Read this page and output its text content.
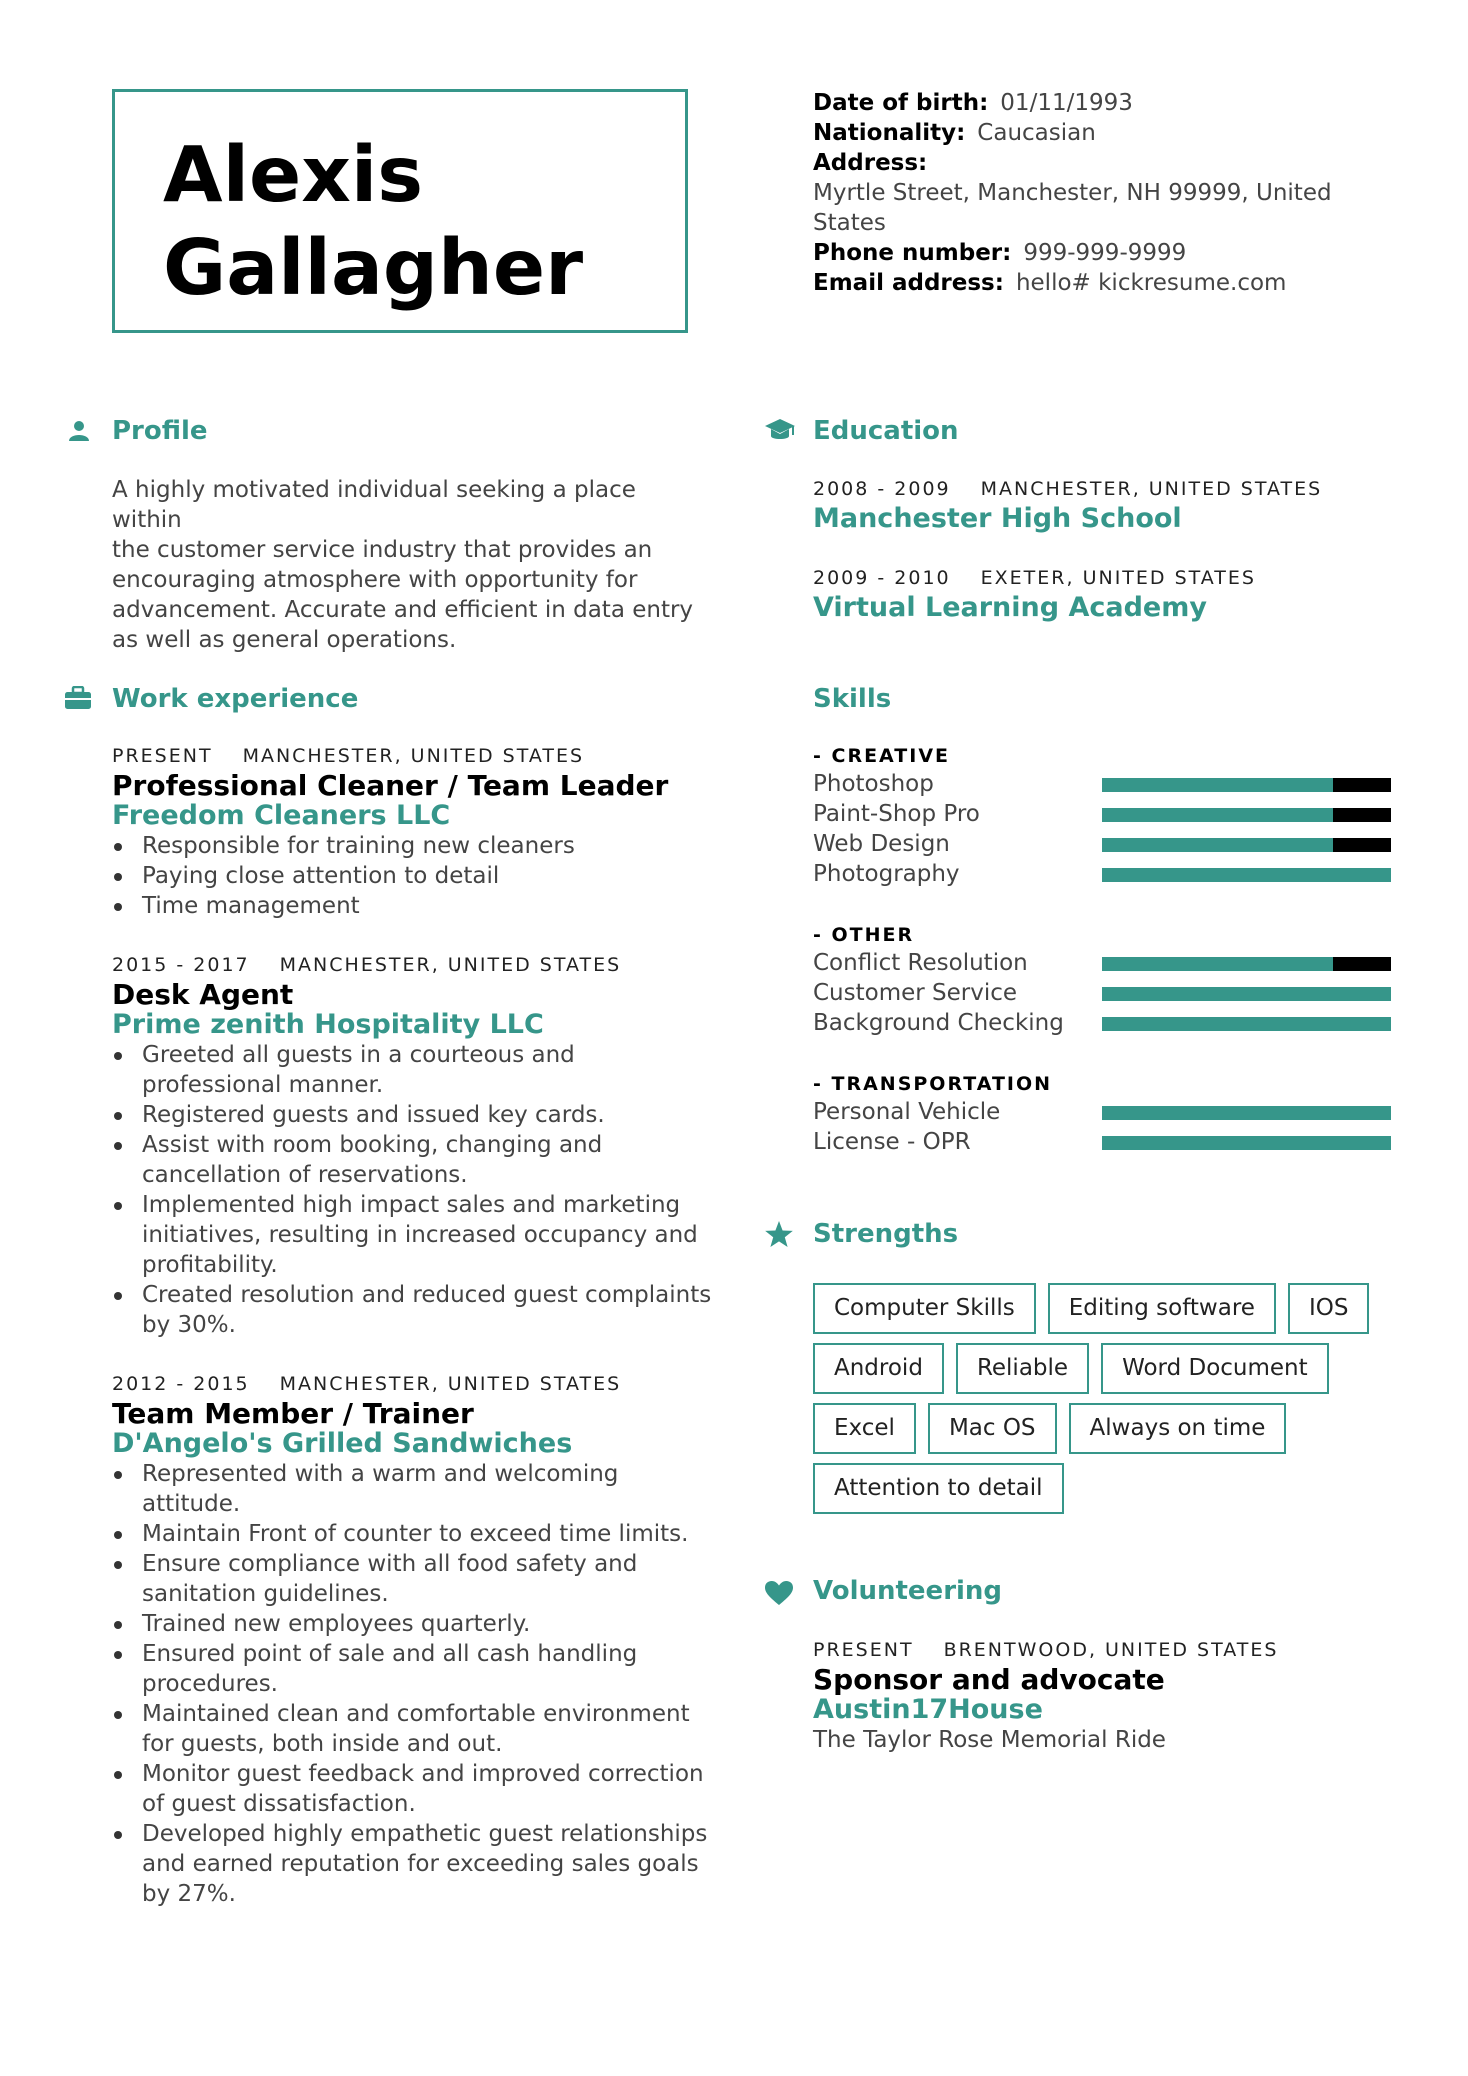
Alexis
Gallagher
Date of birth: 01/11/1993
Nationality: Caucasian
Address:
Myrtle Street, Manchester, NH 99999, United
States
Phone number: 999-999-9999
Email address: hello# kickresume.com
Profile
A highly motivated individual seeking a place within
the customer service industry that provides an
encouraging atmosphere with opportunity for
advancement. Accurate and efficient in data entry
as well as general operations.
Work experience
PRESENT MANCHESTER, UNITED STATES
Professional Cleaner / Team Leader
Freedom Cleaners LLC
Responsible for training new cleaners
Paying close attention to detail
Time management
2015 - 2017 MANCHESTER, UNITED STATES
Desk Agent
Prime zenith Hospitality LLC
Greeted all guests in a courteous and
professional manner.
Registered guests and issued key cards.
Assist with room booking, changing and
cancellation of reservations.
Implemented high impact sales and marketing
initiatives, resulting in increased occupancy and
profitability.
Created resolution and reduced guest complaints
by 30%.
2012 - 2015 MANCHESTER, UNITED STATES
Team Member / Trainer
D'Angelo's Grilled Sandwiches
Represented with a warm and welcoming
attitude.
Maintain Front of counter to exceed time limits.
Ensure compliance with all food safety and
sanitation guidelines.
Trained new employees quarterly.
Ensured point of sale and all cash handling
procedures.
Maintained clean and comfortable environment
for guests, both inside and out.
Monitor guest feedback and improved correction
of guest dissatisfaction.
Developed highly empathetic guest relationships
and earned reputation for exceeding sales goals
by 27%.
Education
2008 - 2009 MANCHESTER, UNITED STATES
Manchester High School
2009 - 2010 EXETER, UNITED STATES
Virtual Learning Academy
Skills
- CREATIVE
Photoshop
Paint-Shop Pro
Web Design
Photography
- OTHER
Conflict Resolution
Customer Service
Background Checking
- TRANSPORTATION
Personal Vehicle
License - OPR
Strengths
Computer Skills	Editing software	IOS
Android	Reliable	Word Document
Excel	Mac OS	Always on time
Attention to detail
Volunteering
PRESENT BRENTWOOD, UNITED STATES
Sponsor and advocate
Austin17House
The Taylor Rose Memorial Ride
